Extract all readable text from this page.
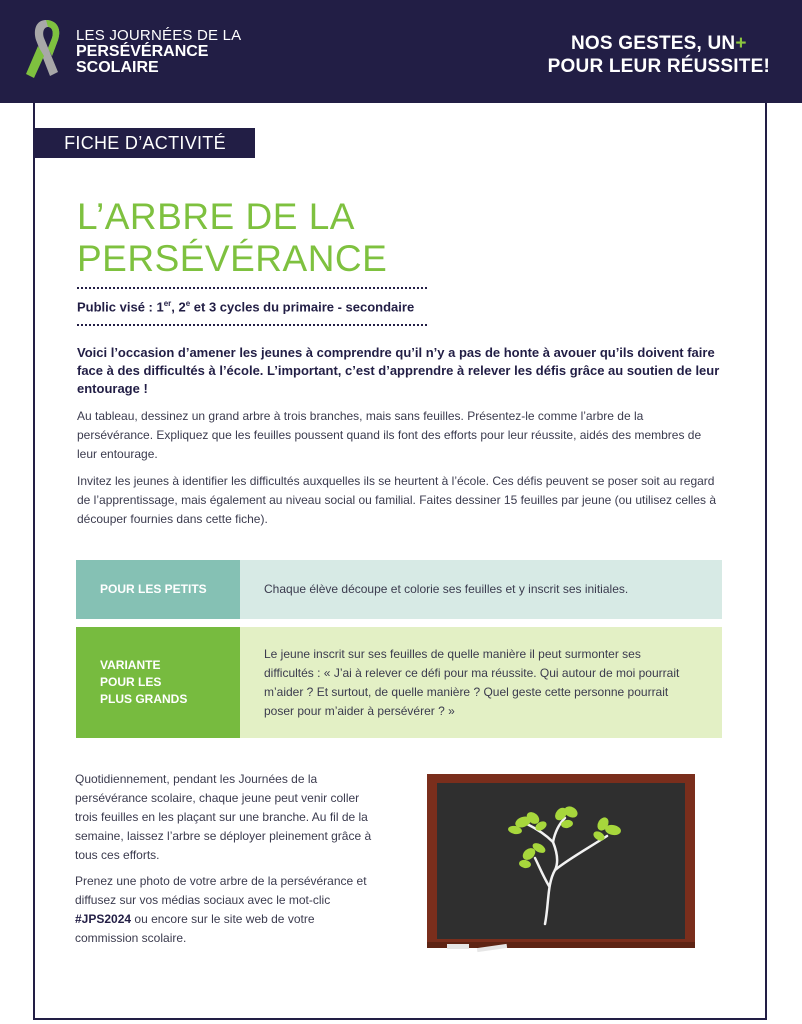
LES JOURNÉES DE LA
PERSÉVÉRANCE
SCOLAIRE
NOS GESTES, UN+
POUR LEUR RÉUSSITE!
FICHE D’ACTIVITÉ
L’ARBRE DE LA
PERSÉVÉRANCE
Public visé : 1er, 2e et 3 cycles du primaire - secondaire
Voici l’occasion d’amener les jeunes à comprendre qu’il n’y a pas de honte à avouer qu’ils doivent faire face à des difficultés à l’école. L’important, c’est d’apprendre à relever les défis grâce au soutien de leur entourage !
Au tableau, dessinez un grand arbre à trois branches, mais sans feuilles. Présentez-le comme l’arbre de la persévérance. Expliquez que les feuilles poussent quand ils font des efforts pour leur réussite, aidés des membres de leur entourage.
Invitez les jeunes à identifier les difficultés auxquelles ils se heurtent à l’école. Ces défis peuvent se poser soit au regard de l’apprentissage, mais également au niveau social ou familial. Faites dessiner 15 feuilles par jeune (ou utilisez celles à découper fournies dans cette fiche).
POUR LES PETITS	Chaque élève découpe et colorie ses feuilles et y inscrit ses initiales.
VARIANTE
POUR LES
PLUS GRANDS
Le jeune inscrit sur ses feuilles de quelle manière il peut surmonter ses difficultés : « J’ai à relever ce défi pour ma réussite. Qui autour de moi pourrait m’aider ? Et surtout, de quelle manière ? Quel geste cette personne pourrait poser pour m’aider à persévérer ? »
Quotidiennement, pendant les Journées de la persévérance scolaire, chaque jeune peut venir coller trois feuilles en les plaçant sur une branche. Au fil de la semaine, laissez l’arbre se déployer pleinement grâce à tous ces efforts.
Prenez une photo de votre arbre de la persévérance et diffusez sur vos médias sociaux avec le mot-clic #JPS2024 ou encore sur le site web de votre commission scolaire.
